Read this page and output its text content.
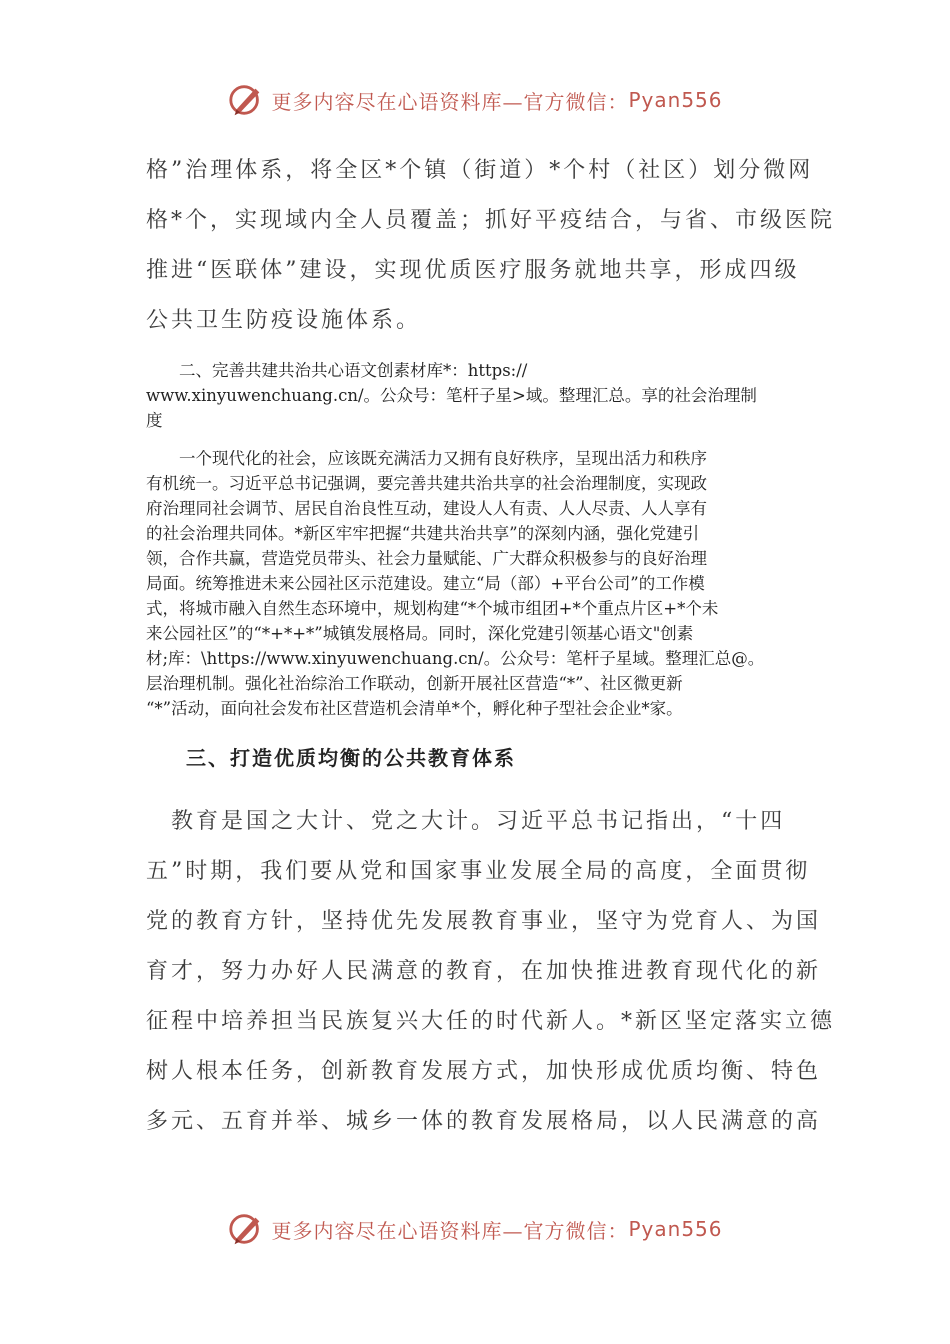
更多内容尽在心语资料库—官方微信： Pyan556
格”治理体系，将全区*个镇（街道）*个村（社区）划分微网
格*个，实现域内全人员覆盖；抓好平疫结合，与省、市级医院
推进“医联体”建设，实现优质医疗服务就地共享，形成四级
公共卫生防疫设施体系。
　　二、完善共建共治共心语文创素材库*：https://
www.xinyuwenchuang.cn/。公众号：笔杆子星>域。整理汇总。享的社会治理制
度
　　一个现代化的社会，应该既充满活力又拥有良好秩序，呈现出活力和秩序
有机统一。习近平总书记强调，要完善共建共治共享的社会治理制度，实现政
府治理同社会调节、居民自治良性互动，建设人人有责、人人尽责、人人享有
的社会治理共同体。*新区牢牢把握“共建共治共享”的深刻内涵，强化党建引
领，合作共赢，营造党员带头、社会力量赋能、广大群众积极参与的良好治理
局面。统筹推进未来公园社区示范建设。建立“局（部）+平台公司”的工作模
式，将城市融入自然生态环境中，规划构建“*个城市组团+*个重点片区+*个未
来公园社区”的“*+*+*”城镇发展格局。同时，深化党建引领基心语文"创素
材;库：\https://www.xinyuwenchuang.cn/。公众号：笔杆子星域。整理汇总@。
层治理机制。强化社治综治工作联动，创新开展社区营造“*”、社区微更新
“*”活动，面向社会发布社区营造机会清单*个，孵化种子型社会企业*家。
三、打造优质均衡的公共教育体系
　教育是国之大计、党之大计。习近平总书记指出，“十四
五”时期，我们要从党和国家事业发展全局的高度，全面贯彻
党的教育方针，坚持优先发展教育事业，坚守为党育人、为国
育才，努力办好人民满意的教育，在加快推进教育现代化的新
征程中培养担当民族复兴大任的时代新人。*新区坚定落实立德
树人根本任务，创新教育发展方式，加快形成优质均衡、特色
多元、五育并举、城乡一体的教育发展格局，以人民满意的高
更多内容尽在心语资料库—官方微信： Pyan556
